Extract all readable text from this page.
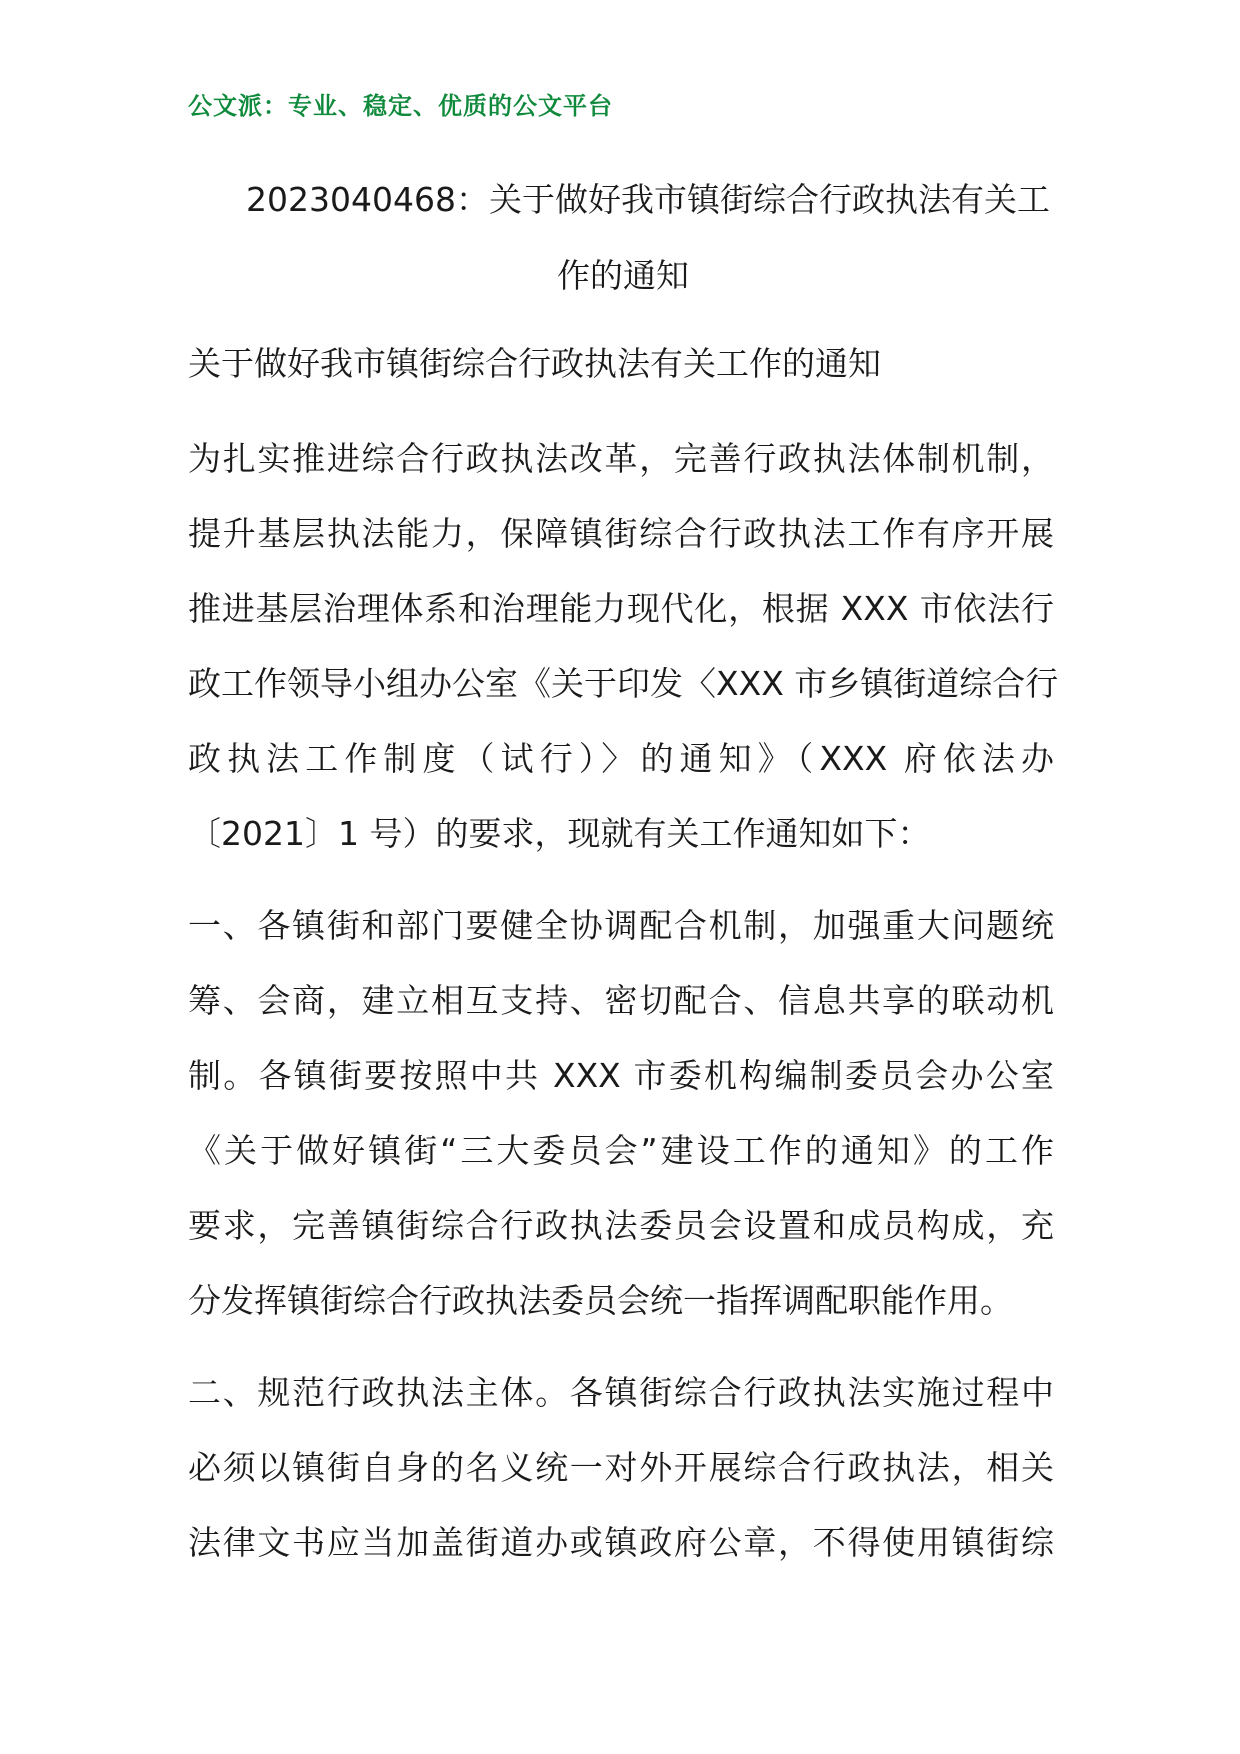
公文派：专业、稳定、优质的公文平台
2023040468：关于做好我市镇街综合行政执法有关工
作的通知
关于做好我市镇街综合行政执法有关工作的通知
为扎实推进综合行政执法改革，完善行政执法体制机制，
提升基层执法能力，保障镇街综合行政执法工作有序开展
推进基层治理体系和治理能力现代化，根据 XXX 市依法行
政工作领导小组办公室《关于印发〈XXX 市乡镇街道综合行
政执法工作制度（试行）〉的通知》（XXX 府依法办
〔2021〕1 号）的要求，现就有关工作通知如下：
一、各镇街和部门要健全协调配合机制，加强重大问题统
筹、会商，建立相互支持、密切配合、信息共享的联动机
制。各镇街要按照中共 XXX 市委机构编制委员会办公室
《关于做好镇街“三大委员会”建设工作的通知》的工作
要求，完善镇街综合行政执法委员会设置和成员构成，充
分发挥镇街综合行政执法委员会统一指挥调配职能作用。
二、规范行政执法主体。各镇街综合行政执法实施过程中
必须以镇街自身的名义统一对外开展综合行政执法，相关
法律文书应当加盖街道办或镇政府公章，不得使用镇街综
